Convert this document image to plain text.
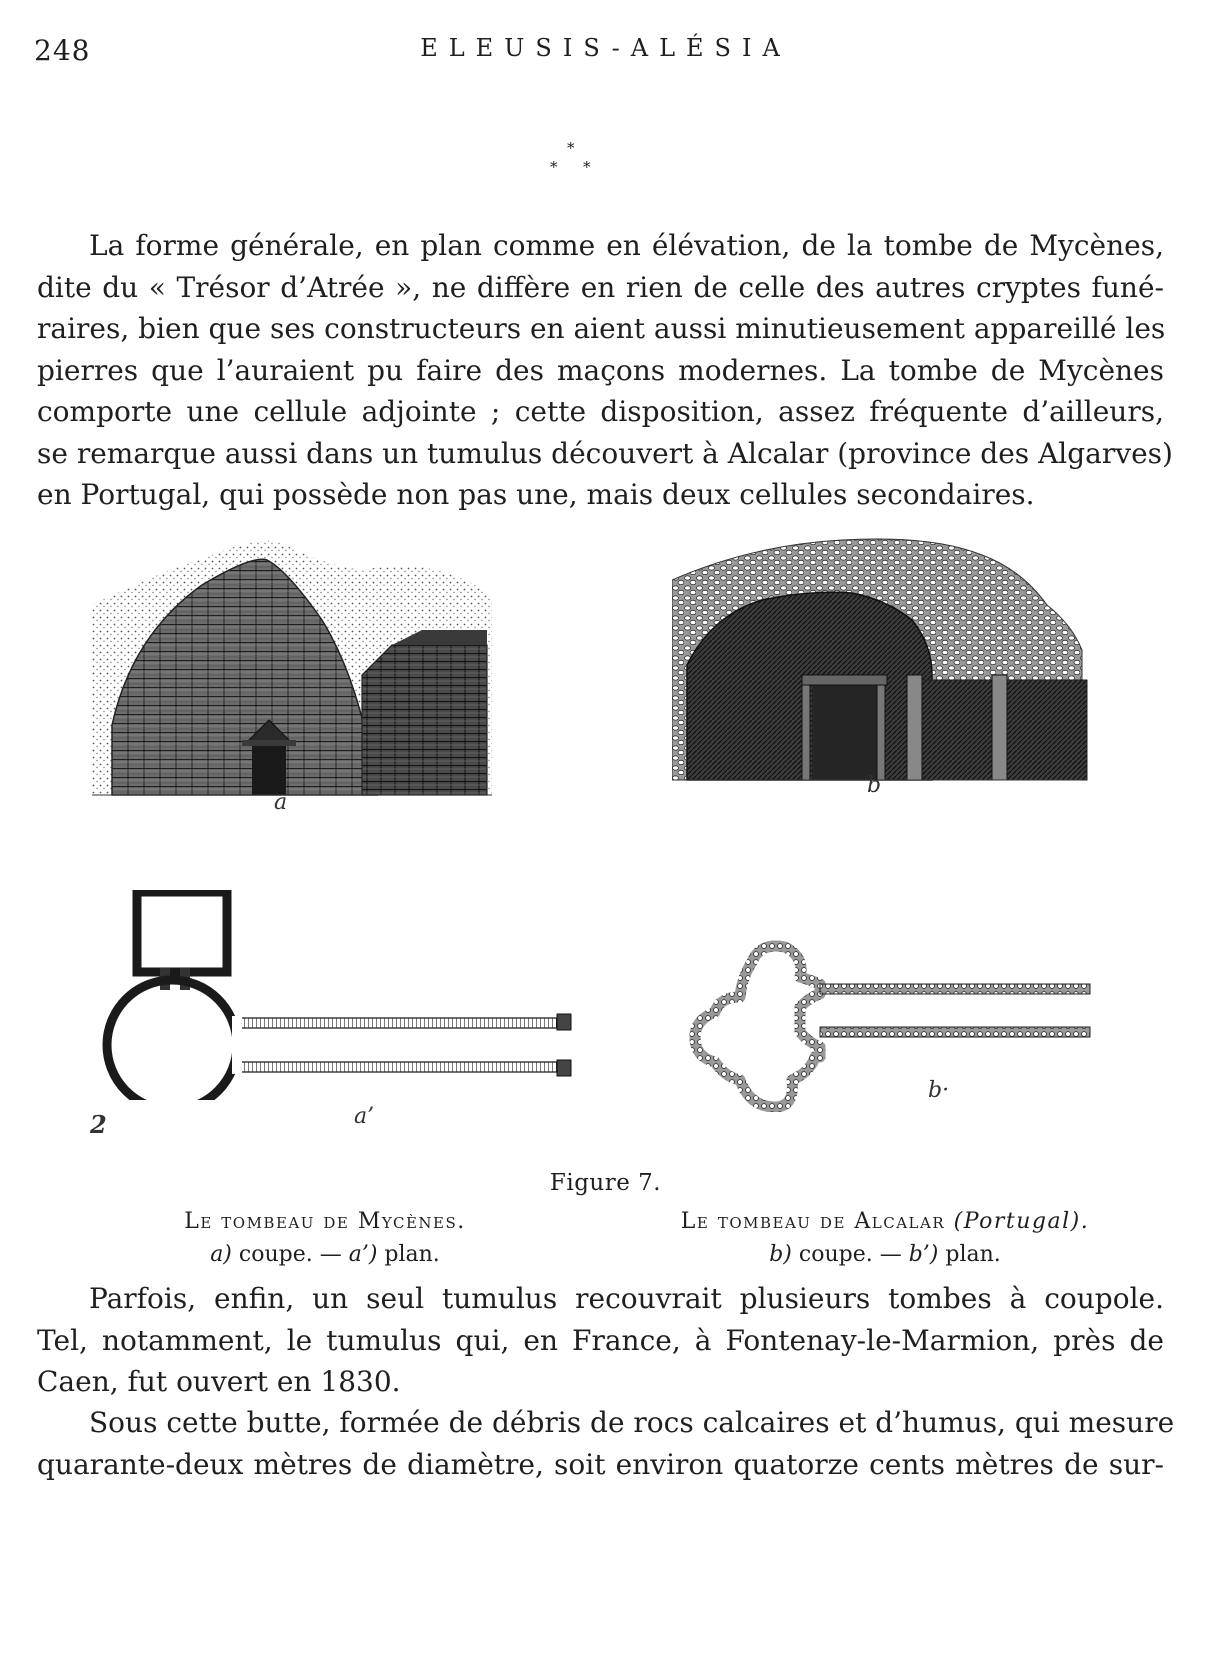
248	ELEUSIS-ALÉSIA
*
* *

La forme générale, en plan comme en élévation, de la tombe de Mycènes,
dite du « Trésor d’Atrée », ne diffère en rien de celle des autres cryptes funé-
raires, bien que ses constructeurs en aient aussi minutieusement appareillé les
pierres que l’auraient pu faire des maçons modernes. La tombe de Mycènes
comporte une cellule adjointe ; cette disposition, assez fréquente d’ailleurs,
se remarque aussi dans un tumulus découvert à Alcalar (province des Algarves)
en Portugal, qui possède non pas une, mais deux cellules secondaires.

a
b
2	a’
b·
Figure 7.
Le tombeau de Mycènes.
a) coupe. — a’) plan.
Le tombeau de Alcalar (Portugal).
b) coupe. — b’) plan.

Parfois, enfin, un seul tumulus recouvrait plusieurs tombes à coupole.
Tel, notamment, le tumulus qui, en France, à Fontenay-le-Marmion, près de
Caen, fut ouvert en 1830.

Sous cette butte, formée de débris de rocs calcaires et d’humus, qui mesure
quarante-deux mètres de diamètre, soit environ quatorze cents mètres de sur-
